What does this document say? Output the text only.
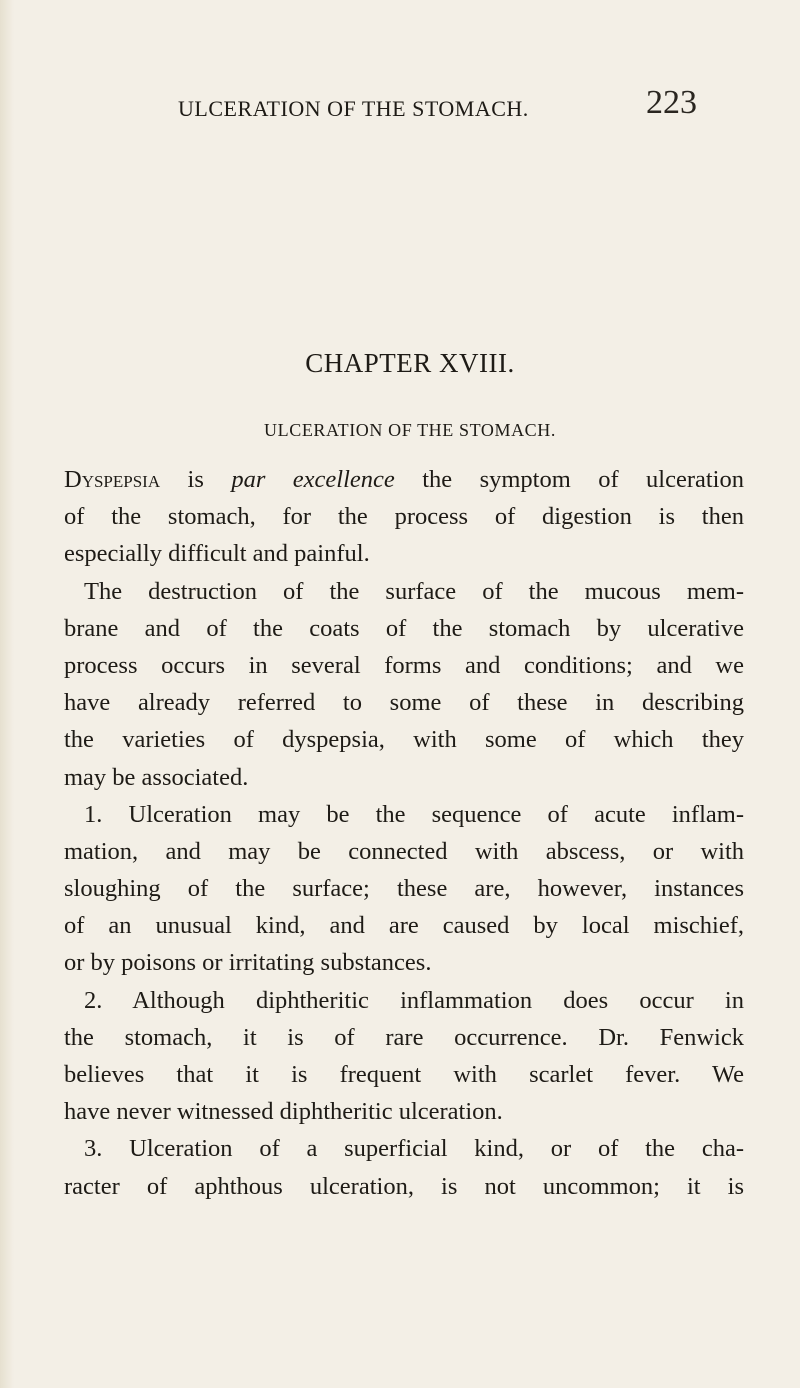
ULCERATION OF THE STOMACH.	223
CHAPTER XVIII.
ULCERATION OF THE STOMACH.
Dyspepsia is par excellence the symptom of ulceration
of the stomach, for the process of digestion is then
especially difficult and painful.
The destruction of the surface of the mucous mem-
brane and of the coats of the stomach by ulcerative
process occurs in several forms and conditions; and we
have already referred to some of these in describing
the varieties of dyspepsia, with some of which they
may be associated.
1. Ulceration may be the sequence of acute inflam-
mation, and may be connected with abscess, or with
sloughing of the surface; these are, however, instances
of an unusual kind, and are caused by local mischief,
or by poisons or irritating substances.
2. Although diphtheritic inflammation does occur in
the stomach, it is of rare occurrence. Dr. Fenwick
believes that it is frequent with scarlet fever. We
have never witnessed diphtheritic ulceration.
3. Ulceration of a superficial kind, or of the cha-
racter of aphthous ulceration, is not uncommon; it is
